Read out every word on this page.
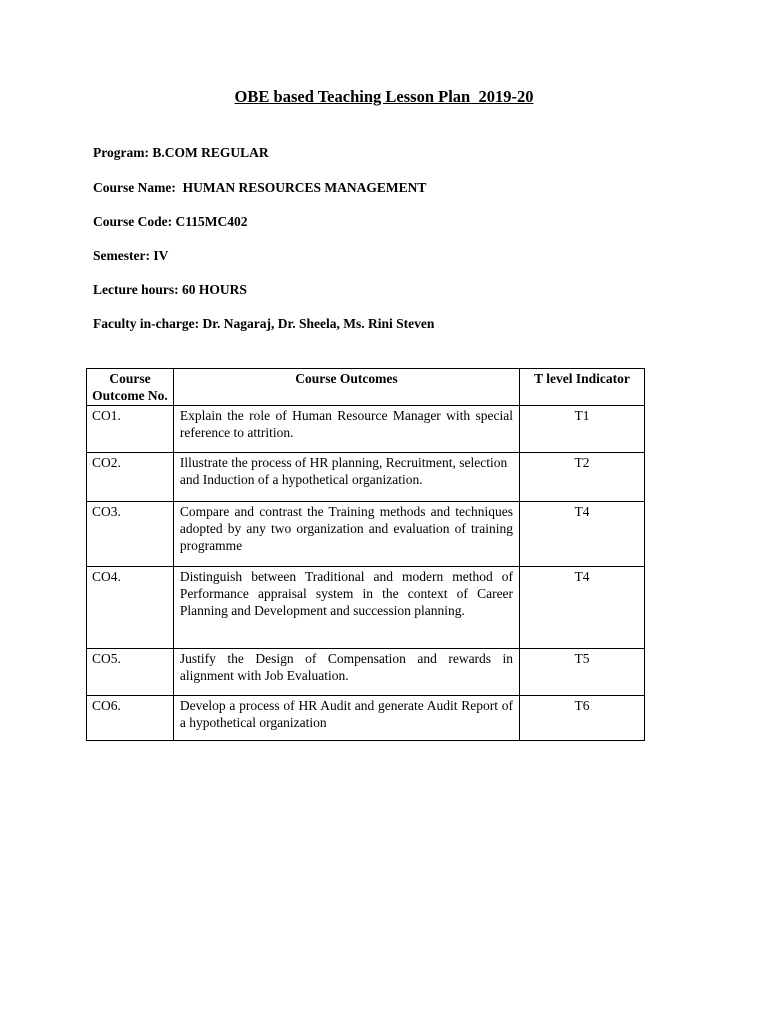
OBE based Teaching Lesson Plan  2019-20
Program: B.COM REGULAR
Course Name:  HUMAN RESOURCES MANAGEMENT
Course Code: C115MC402
Semester: IV
Lecture hours: 60 HOURS
Faculty in-charge: Dr. Nagaraj, Dr. Sheela, Ms. Rini Steven
Course Outcome No.	Course Outcomes	T level Indicator
CO1.	Explain the role of Human Resource Manager with special reference to attrition.	T1
CO2.	Illustrate the process of HR planning, Recruitment, selection and Induction of a hypothetical organization.	T2
CO3.	Compare and contrast the Training methods and techniques adopted by any two organization and evaluation of training programme	T4
CO4.	Distinguish between Traditional and modern method of Performance appraisal system in the context of Career Planning and Development and succession planning.	T4
CO5.	Justify the Design of Compensation and rewards in alignment with Job Evaluation.	T5
CO6.	Develop a process of HR Audit and generate Audit Report of a hypothetical organization	T6
